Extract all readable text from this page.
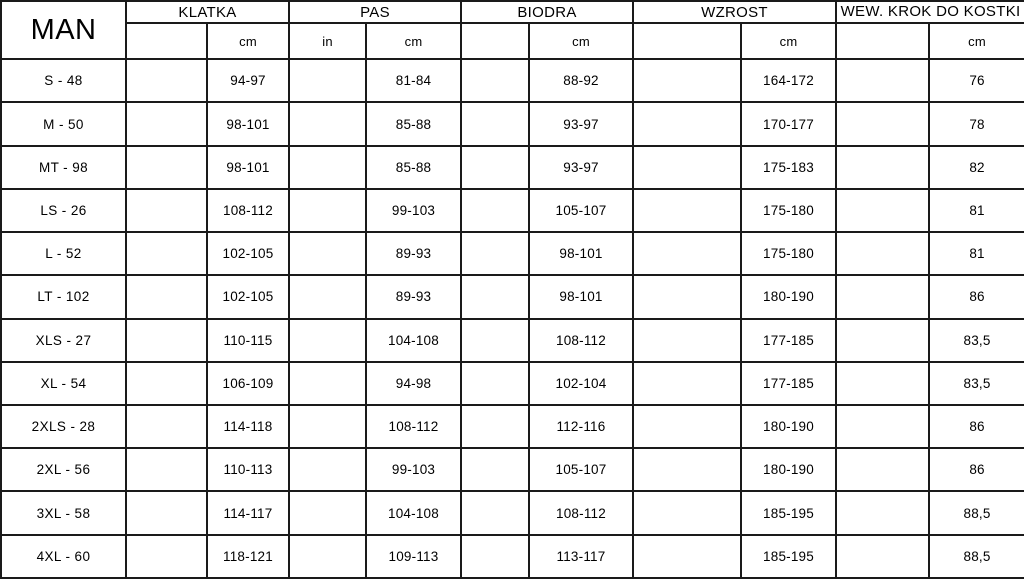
MAN	KLATKA		PAS		BIODRA		WZROST		WEW. KROK DO KOSTKI	
		cm	in	cm		cm		cm		cm
S - 48		94-97		81-84		88-92		164-172		76
M - 50		98-101		85-88		93-97		170-177		78
MT - 98		98-101		85-88		93-97		175-183		82
LS - 26		108-112		99-103		105-107		175-180		81
L - 52		102-105		89-93		98-101		175-180		81
LT - 102		102-105		89-93		98-101		180-190		86
XLS - 27		110-115		104-108		108-112		177-185		83,5
XL - 54		106-109		94-98		102-104		177-185		83,5
2XLS - 28		114-118		108-112		112-116		180-190		86
2XL - 56		110-113		99-103		105-107		180-190		86
3XL - 58		114-117		104-108		108-112		185-195		88,5
4XL - 60		118-121		109-113		113-117		185-195		88,5
